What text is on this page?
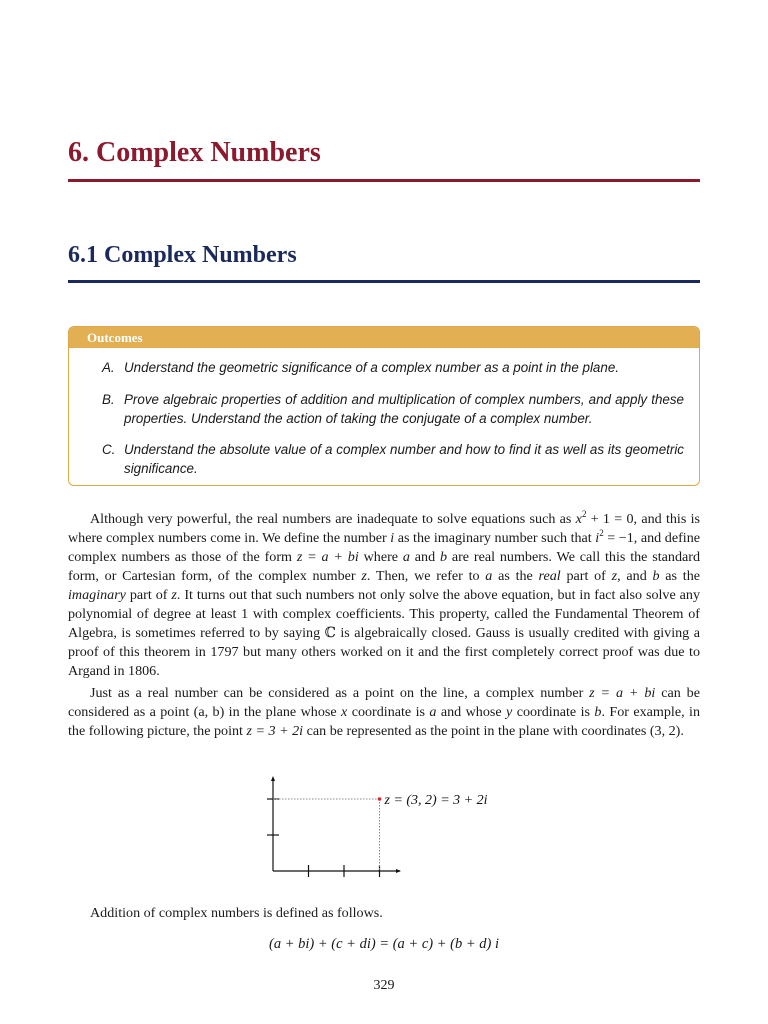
6. Complex Numbers
6.1 Complex Numbers
Outcomes
A. Understand the geometric significance of a complex number as a point in the plane.
B. Prove algebraic properties of addition and multiplication of complex numbers, and apply these properties. Understand the action of taking the conjugate of a complex number.
C. Understand the absolute value of a complex number and how to find it as well as its geometric significance.

Although very powerful, the real numbers are inadequate to solve equations such as $x^2 + 1 = 0$, and this is where complex numbers come in. We define the number i as the imaginary number such that $i^2 = -1$, and define complex numbers as those of the form z = a + bi where a and b are real numbers. We call this the standard form, or Cartesian form, of the complex number z. Then, we refer to a as the real part of z, and b as the imaginary part of z. It turns out that such numbers not only solve the above equation, but in fact also solve any polynomial of degree at least 1 with complex coefficients. This property, called the Fundamental Theorem of Algebra, is sometimes referred to by saying ℂ is algebraically closed. Gauss is usually credited with giving a proof of this theorem in 1797 but many others worked on it and the first completely correct proof was due to Argand in 1806.

Just as a real number can be considered as a point on the line, a complex number z = a + bi can be considered as a point (a, b) in the plane whose x coordinate is a and whose y coordinate is b. For example, in the following picture, the point z = 3 + 2i can be represented as the point in the plane with coordinates (3, 2).

z = (3, 2) = 3 + 2i

Addition of complex numbers is defined as follows.

(a + bi) + (c + di) = (a + c) + (b + d) i
329
